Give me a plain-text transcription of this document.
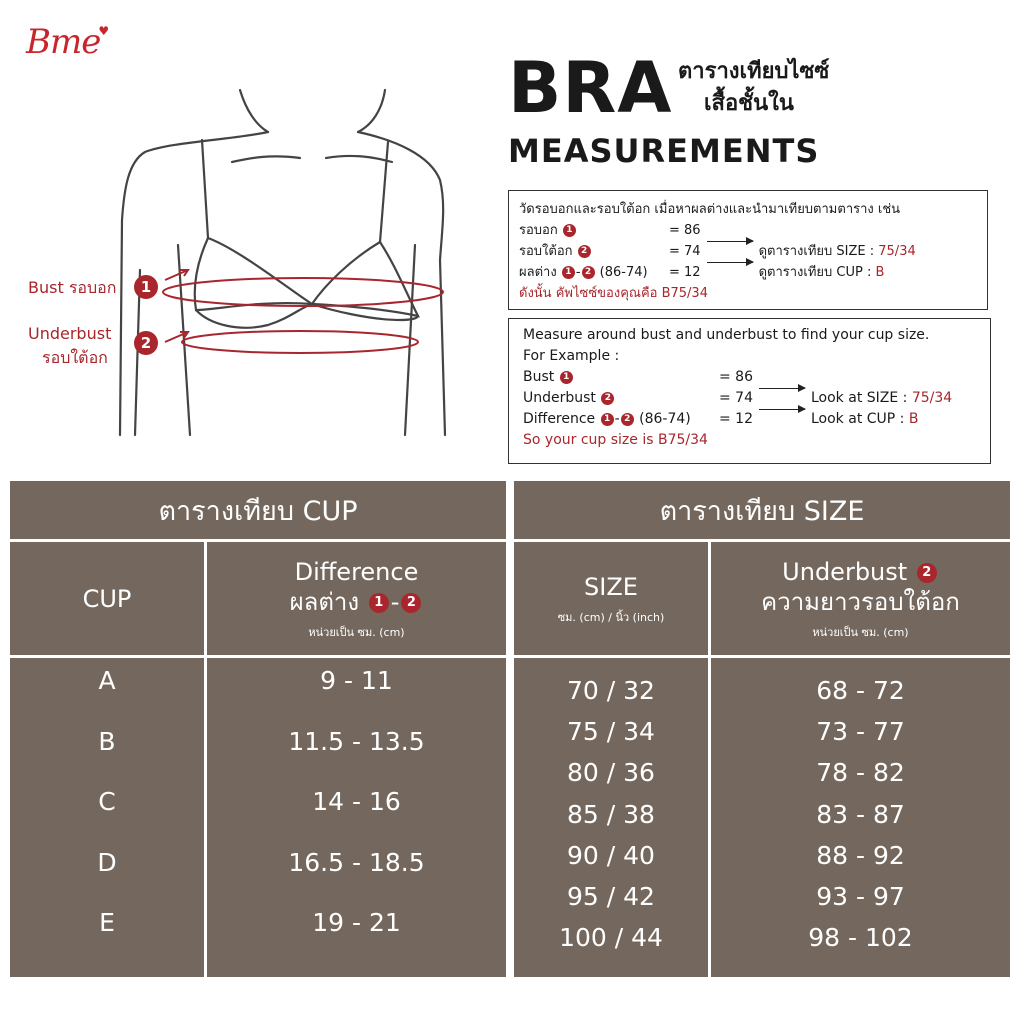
Bme♥
Bust รอบอก	1
Underbust
รอบใต้อก
2
BRA ตารางเทียบไซซ์
เสื้อชั้นใน
MEASUREMENTS
วัดรอบอกและรอบใต้อก เมื่อหาผลต่างและนำมาเทียบตามตาราง เช่น
รอบอก 1	= 86
รอบใต้อก 2	= 74	ดูตารางเทียบ SIZE :
75/34
ผลต่าง 1 - 2 (86-74)	= 12	ดูตารางเทียบ CUP :
B
ดังนั้น คัพไซซ์ของคุณคือ B75/34
Measure around bust and underbust to find your cup size.
For Example :
Bust 1	= 86
Underbust 2	= 74	Look at SIZE :
75/34
Difference 1 - 2 (86-74)	= 12	Look at CUP :
B
So your cup size is B75/34
ตารางเทียบ CUP
CUP
Difference
ผลต่าง 1 - 2
หน่วยเป็น ซม. (cm)
A	9 - 11
B	11.5 - 13.5
C	14 - 16
D	16.5 - 18.5
E	19 - 21
ตารางเทียบ SIZE
SIZE
ซม. (cm) / นิ้ว (inch)
Underbust 2
ความยาวรอบใต้อก
หน่วยเป็น ซม. (cm)
70 / 32	68 - 72
75 / 34	73 - 77
80 / 36	78 - 82
85 / 38	83 - 87
90 / 40	88 - 92
95 / 42	93 - 97
100 / 44	98 - 102
